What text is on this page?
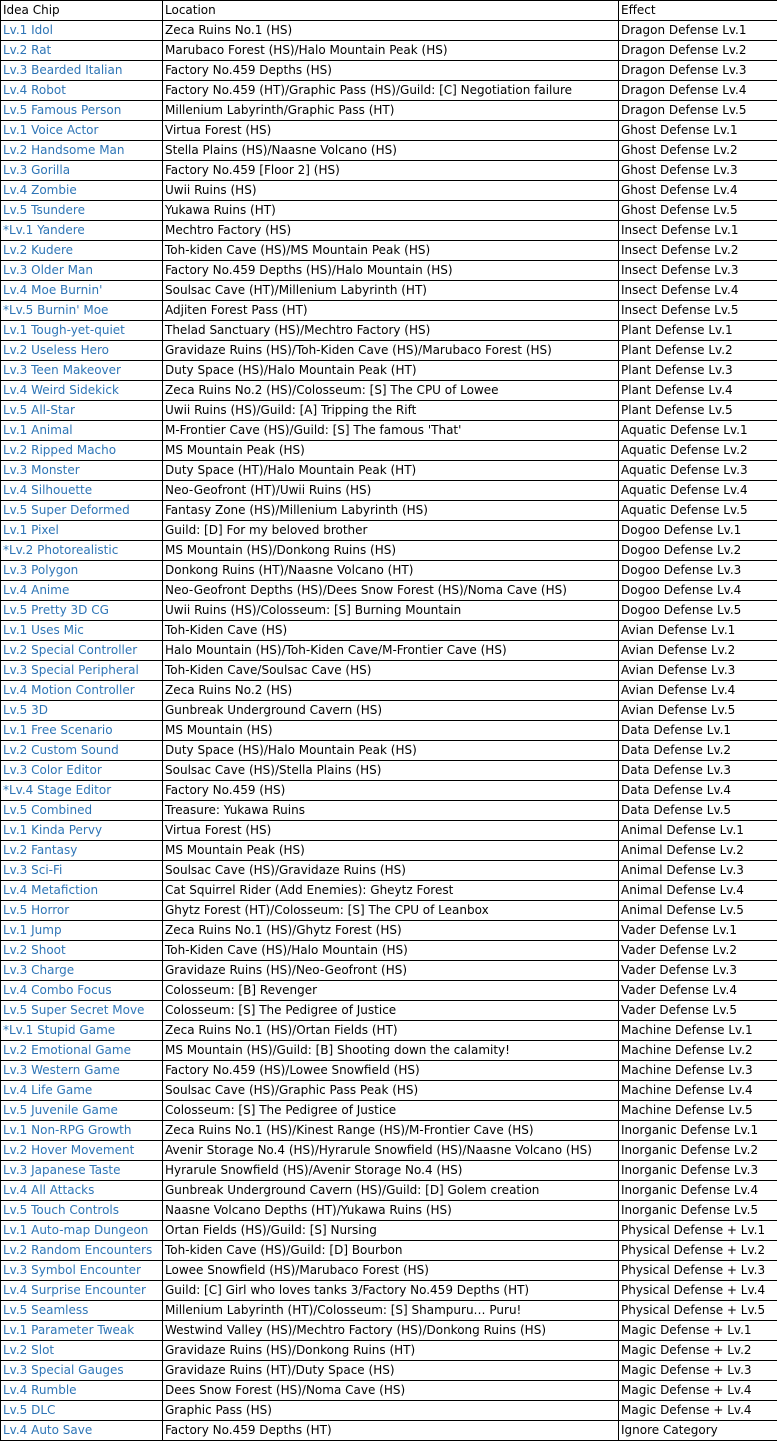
Idea Chip	Location	Effect
Lv.1 Idol	Zeca Ruins No.1 (HS)	Dragon Defense Lv.1
Lv.2 Rat	Marubaco Forest (HS)/Halo Mountain Peak (HS)	Dragon Defense Lv.2
Lv.3 Bearded Italian	Factory No.459 Depths (HS)	Dragon Defense Lv.3
Lv.4 Robot	Factory No.459 (HT)/Graphic Pass (HS)/Guild: [C] Negotiation failure	Dragon Defense Lv.4
Lv.5 Famous Person	Millenium Labyrinth/Graphic Pass (HT)	Dragon Defense Lv.5
Lv.1 Voice Actor	Virtua Forest (HS)	Ghost Defense Lv.1
Lv.2 Handsome Man	Stella Plains (HS)/Naasne Volcano (HS)	Ghost Defense Lv.2
Lv.3 Gorilla	Factory No.459 [Floor 2] (HS)	Ghost Defense Lv.3
Lv.4 Zombie	Uwii Ruins (HS)	Ghost Defense Lv.4
Lv.5 Tsundere	Yukawa Ruins (HT)	Ghost Defense Lv.5
*Lv.1 Yandere	Mechtro Factory (HS)	Insect Defense Lv.1
Lv.2 Kudere	Toh-kiden Cave (HS)/MS Mountain Peak (HS)	Insect Defense Lv.2
Lv.3 Older Man	Factory No.459 Depths (HS)/Halo Mountain (HS)	Insect Defense Lv.3
Lv.4 Moe Burnin'	Soulsac Cave (HT)/Millenium Labyrinth (HT)	Insect Defense Lv.4
*Lv.5 Burnin' Moe	Adjiten Forest Pass (HT)	Insect Defense Lv.5
Lv.1 Tough-yet-quiet	Thelad Sanctuary (HS)/Mechtro Factory (HS)	Plant Defense Lv.1
Lv.2 Useless Hero	Gravidaze Ruins (HS)/Toh-Kiden Cave (HS)/Marubaco Forest (HS)	Plant Defense Lv.2
Lv.3 Teen Makeover	Duty Space (HS)/Halo Mountain Peak (HT)	Plant Defense Lv.3
Lv.4 Weird Sidekick	Zeca Ruins No.2 (HS)/Colosseum: [S] The CPU of Lowee	Plant Defense Lv.4
Lv.5 All-Star	Uwii Ruins (HS)/Guild: [A] Tripping the Rift	Plant Defense Lv.5
Lv.1 Animal	M-Frontier Cave (HS)/Guild: [S] The famous 'That'	Aquatic Defense Lv.1
Lv.2 Ripped Macho	MS Mountain Peak (HS)	Aquatic Defense Lv.2
Lv.3 Monster	Duty Space (HT)/Halo Mountain Peak (HT)	Aquatic Defense Lv.3
Lv.4 Silhouette	Neo-Geofront (HT)/Uwii Ruins (HS)	Aquatic Defense Lv.4
Lv.5 Super Deformed	Fantasy Zone (HS)/Millenium Labyrinth (HS)	Aquatic Defense Lv.5
Lv.1 Pixel	Guild: [D] For my beloved brother	Dogoo Defense Lv.1
*Lv.2 Photorealistic	MS Mountain (HS)/Donkong Ruins (HS)	Dogoo Defense Lv.2
Lv.3 Polygon	Donkong Ruins (HT)/Naasne Volcano (HT)	Dogoo Defense Lv.3
Lv.4 Anime	Neo-Geofront Depths (HS)/Dees Snow Forest (HS)/Noma Cave (HS)	Dogoo Defense Lv.4
Lv.5 Pretty 3D CG	Uwii Ruins (HS)/Colosseum: [S] Burning Mountain	Dogoo Defense Lv.5
Lv.1 Uses Mic	Toh-Kiden Cave (HS)	Avian Defense Lv.1
Lv.2 Special Controller	Halo Mountain (HS)/Toh-Kiden Cave/M-Frontier Cave (HS)	Avian Defense Lv.2
Lv.3 Special Peripheral	Toh-Kiden Cave/Soulsac Cave (HS)	Avian Defense Lv.3
Lv.4 Motion Controller	Zeca Ruins No.2 (HS)	Avian Defense Lv.4
Lv.5 3D	Gunbreak Underground Cavern (HS)	Avian Defense Lv.5
Lv.1 Free Scenario	MS Mountain (HS)	Data Defense Lv.1
Lv.2 Custom Sound	Duty Space (HS)/Halo Mountain Peak (HS)	Data Defense Lv.2
Lv.3 Color Editor	Soulsac Cave (HS)/Stella Plains (HS)	Data Defense Lv.3
*Lv.4 Stage Editor	Factory No.459 (HS)	Data Defense Lv.4
Lv.5 Combined	Treasure: Yukawa Ruins	Data Defense Lv.5
Lv.1 Kinda Pervy	Virtua Forest (HS)	Animal Defense Lv.1
Lv.2 Fantasy	MS Mountain Peak (HS)	Animal Defense Lv.2
Lv.3 Sci-Fi	Soulsac Cave (HS)/Gravidaze Ruins (HS)	Animal Defense Lv.3
Lv.4 Metafiction	Cat Squirrel Rider (Add Enemies): Gheytz Forest	Animal Defense Lv.4
Lv.5 Horror	Ghytz Forest (HT)/Colosseum: [S] The CPU of Leanbox	Animal Defense Lv.5
Lv.1 Jump	Zeca Ruins No.1 (HS)/Ghytz Forest (HS)	Vader Defense Lv.1
Lv.2 Shoot	Toh-Kiden Cave (HS)/Halo Mountain (HS)	Vader Defense Lv.2
Lv.3 Charge	Gravidaze Ruins (HS)/Neo-Geofront (HS)	Vader Defense Lv.3
Lv.4 Combo Focus	Colosseum: [B] Revenger	Vader Defense Lv.4
Lv.5 Super Secret Move	Colosseum: [S] The Pedigree of Justice	Vader Defense Lv.5
*Lv.1 Stupid Game	Zeca Ruins No.1 (HS)/Ortan Fields (HT)	Machine Defense Lv.1
Lv.2 Emotional Game	MS Mountain (HS)/Guild: [B] Shooting down the calamity!	Machine Defense Lv.2
Lv.3 Western Game	Factory No.459 (HS)/Lowee Snowfield (HS)	Machine Defense Lv.3
Lv.4 Life Game	Soulsac Cave (HS)/Graphic Pass Peak (HS)	Machine Defense Lv.4
Lv.5 Juvenile Game	Colosseum: [S] The Pedigree of Justice	Machine Defense Lv.5
Lv.1 Non-RPG Growth	Zeca Ruins No.1 (HS)/Kinest Range (HS)/M-Frontier Cave (HS)	Inorganic Defense Lv.1
Lv.2 Hover Movement	Avenir Storage No.4 (HS)/Hyrarule Snowfield (HS)/Naasne Volcano (HS)	Inorganic Defense Lv.2
Lv.3 Japanese Taste	Hyrarule Snowfield (HS)/Avenir Storage No.4 (HS)	Inorganic Defense Lv.3
Lv.4 All Attacks	Gunbreak Underground Cavern (HS)/Guild: [D] Golem creation	Inorganic Defense Lv.4
Lv.5 Touch Controls	Naasne Volcano Depths (HT)/Yukawa Ruins (HS)	Inorganic Defense Lv.5
Lv.1 Auto-map Dungeon	Ortan Fields (HS)/Guild: [S] Nursing	Physical Defense + Lv.1
Lv.2 Random Encounters	Toh-kiden Cave (HS)/Guild: [D] Bourbon	Physical Defense + Lv.2
Lv.3 Symbol Encounter	Lowee Snowfield (HS)/Marubaco Forest (HS)	Physical Defense + Lv.3
Lv.4 Surprise Encounter	Guild: [C] Girl who loves tanks 3/Factory No.459 Depths (HT)	Physical Defense + Lv.4
Lv.5 Seamless	Millenium Labyrinth (HT)/Colosseum: [S] Shampuru… Puru!	Physical Defense + Lv.5
Lv.1 Parameter Tweak	Westwind Valley (HS)/Mechtro Factory (HS)/Donkong Ruins (HS)	Magic Defense + Lv.1
Lv.2 Slot	Gravidaze Ruins (HS)/Donkong Ruins (HT)	Magic Defense + Lv.2
Lv.3 Special Gauges	Gravidaze Ruins (HT)/Duty Space (HS)	Magic Defense + Lv.3
Lv.4 Rumble	Dees Snow Forest (HS)/Noma Cave (HS)	Magic Defense + Lv.4
Lv.5 DLC	Graphic Pass (HS)	Magic Defense + Lv.4
Lv.4 Auto Save	Factory No.459 Depths (HT)	Ignore Category
